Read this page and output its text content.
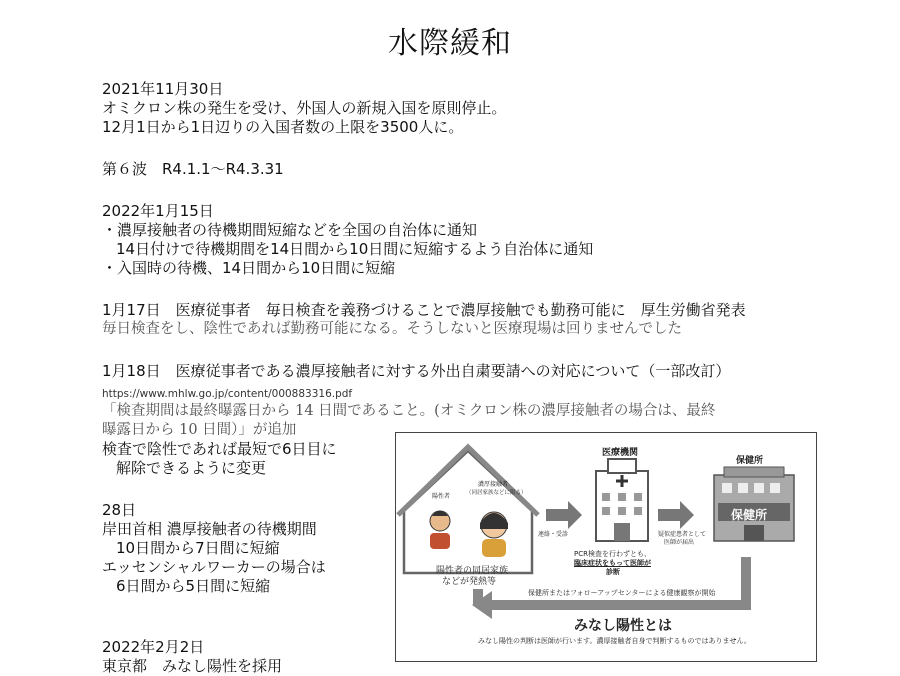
水際緩和
2021年11月30日
オミクロン株の発生を受け、外国人の新規入国を原則停止。
12月1日から1日辺りの入国者数の上限を3500人に。
第６波　R4.1.1～R4.3.31
2022年1月15日
・濃厚接触者の待機期間短縮などを全国の自治体に通知
14日付けで待機期間を14日間から10日間に短縮するよう自治体に通知
・入国時の待機、14日間から10日間に短縮
1月17日　医療従事者　毎日検査を義務づけることで濃厚接触でも勤務可能に　厚生労働省発表
毎日検査をし、陰性であれば勤務可能になる。そうしないと医療現場は回りませんでした
1月18日　医療従事者である濃厚接触者に対する外出自粛要請への対応について（一部改訂）
https://www.mhlw.go.jp/content/000883316.pdf
「検査期間は最終曝露日から 14 日間であること。(オミクロン株の濃厚接触者の場合は、最終
曝露日から 10 日間）」が追加
検査で陰性であれば最短で6日目に
解除できるように変更
28日
岸田首相 濃厚接触者の待機期間
10日間から7日間に短縮
エッセンシャルワーカーの場合は
6日間から5日間に短縮
2022年2月2日
東京都　みなし陽性を採用
医療機関
保健所
保健所
陽性者
濃厚接触者
（同居家族などに限る）
陽性者の同居家族
などが発熱等
連絡・受診
PCR検査を行わずとも、
臨床症状をもって医師が
診断
疑似症患者として
医師が届出
保健所またはフォローアップセンターによる健康観察が開始
みなし陽性とは
みなし陽性の判断は医師が行います。濃厚接触者自身で判断するものではありません。
